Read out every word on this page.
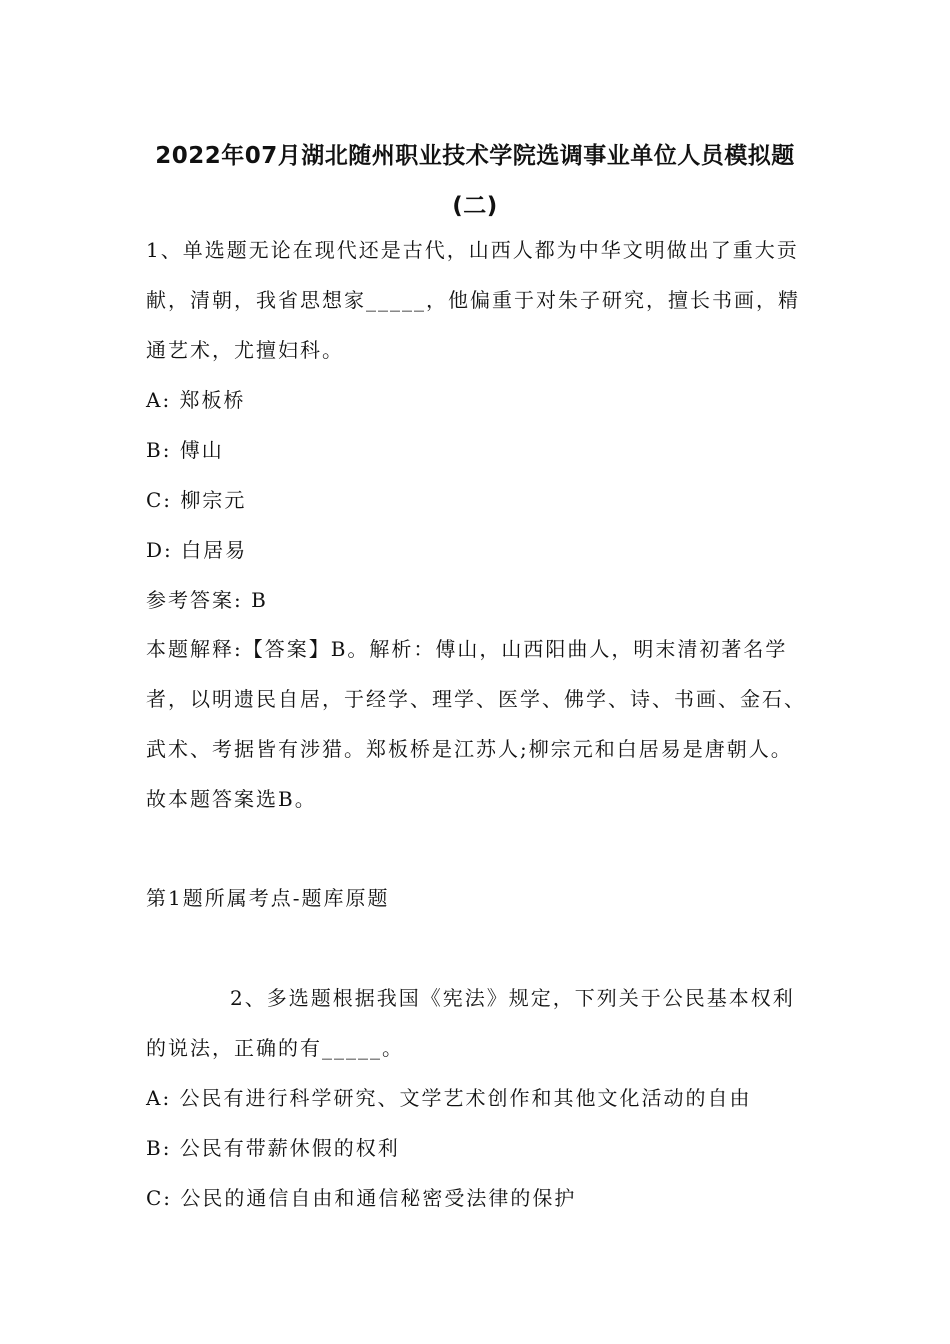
2022年07月湖北随州职业技术学院选调事业单位人员模拟题
(二)
1、单选题无论在现代还是古代，山西人都为中华文明做出了重大贡
献，清朝，我省思想家_____，他偏重于对朱子研究，擅长书画，精
通艺术，尤擅妇科。
A: 郑板桥
B: 傅山
C: 柳宗元
D: 白居易
参考答案: B
本题解释:【答案】B。解析：傅山，山西阳曲人，明末清初著名学
者，以明遗民自居，于经学、理学、医学、佛学、诗、书画、金石、
武术、考据皆有涉猎。郑板桥是江苏人;柳宗元和白居易是唐朝人。
故本题答案选B。
第1题所属考点-题库原题
2、多选题根据我国《宪法》规定，下列关于公民基本权利
的说法，正确的有_____。
A: 公民有进行科学研究、文学艺术创作和其他文化活动的自由
B: 公民有带薪休假的权利
C: 公民的通信自由和通信秘密受法律的保护
